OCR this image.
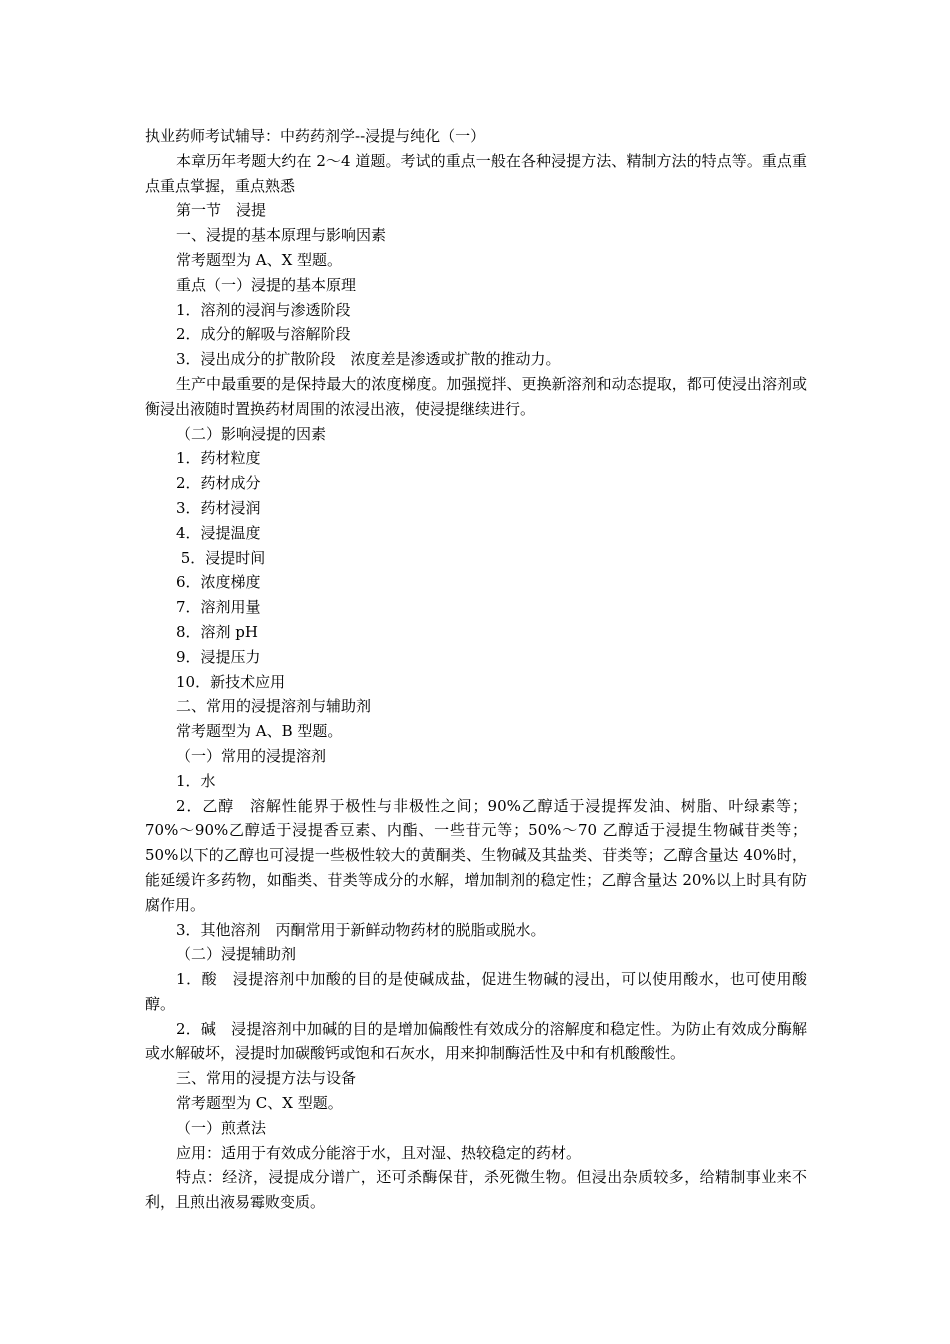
执业药师考试辅导：中药药剂学--浸提与纯化（一）

本章历年考题大约在 2～4 道题。考试的重点一般在各种浸提方法、精制方法的特点等。重点重点重点掌握，重点熟悉

第一节　浸提

一、浸提的基本原理与影响因素

常考题型为 A、X 型题。

重点（一）浸提的基本原理

1．溶剂的浸润与渗透阶段

2．成分的解吸与溶解阶段

3．浸出成分的扩散阶段　浓度差是渗透或扩散的推动力。

生产中最重要的是保持最大的浓度梯度。加强搅拌、更换新溶剂和动态提取，都可使浸出溶剂或衡浸出液随时置换药材周围的浓浸出液，使浸提继续进行。

（二）影响浸提的因素

1．药材粒度

2．药材成分

3．药材浸润

4．浸提温度

5．浸提时间

6．浓度梯度

7．溶剂用量

8．溶剂 pH

9．浸提压力

10．新技术应用

二、常用的浸提溶剂与辅助剂

常考题型为 A、B 型题。

（一）常用的浸提溶剂

1．水

2．乙醇　溶解性能界于极性与非极性之间；90%乙醇适于浸提挥发油、树脂、叶绿素等；70%～90%乙醇适于浸提香豆素、内酯、一些苷元等；50%～70 乙醇适于浸提生物碱苷类等；50%以下的乙醇也可浸提一些极性较大的黄酮类、生物碱及其盐类、苷类等；乙醇含量达 40%时，能延缓许多药物，如酯类、苷类等成分的水解，增加制剂的稳定性；乙醇含量达 20%以上时具有防腐作用。

3．其他溶剂　丙酮常用于新鲜动物药材的脱脂或脱水。

（二）浸提辅助剂

1．酸　浸提溶剂中加酸的目的是使碱成盐，促进生物碱的浸出，可以使用酸水，也可使用酸醇。

2．碱　浸提溶剂中加碱的目的是增加偏酸性有效成分的溶解度和稳定性。为防止有效成分酶解或水解破坏，浸提时加碳酸钙或饱和石灰水，用来抑制酶活性及中和有机酸酸性。

三、常用的浸提方法与设备

常考题型为 C、X 型题。

（一）煎煮法

应用：适用于有效成分能溶于水，且对湿、热较稳定的药材。

特点：经济，浸提成分谱广，还可杀酶保苷，杀死微生物。但浸出杂质较多，给精制事业来不利，且煎出液易霉败变质。
